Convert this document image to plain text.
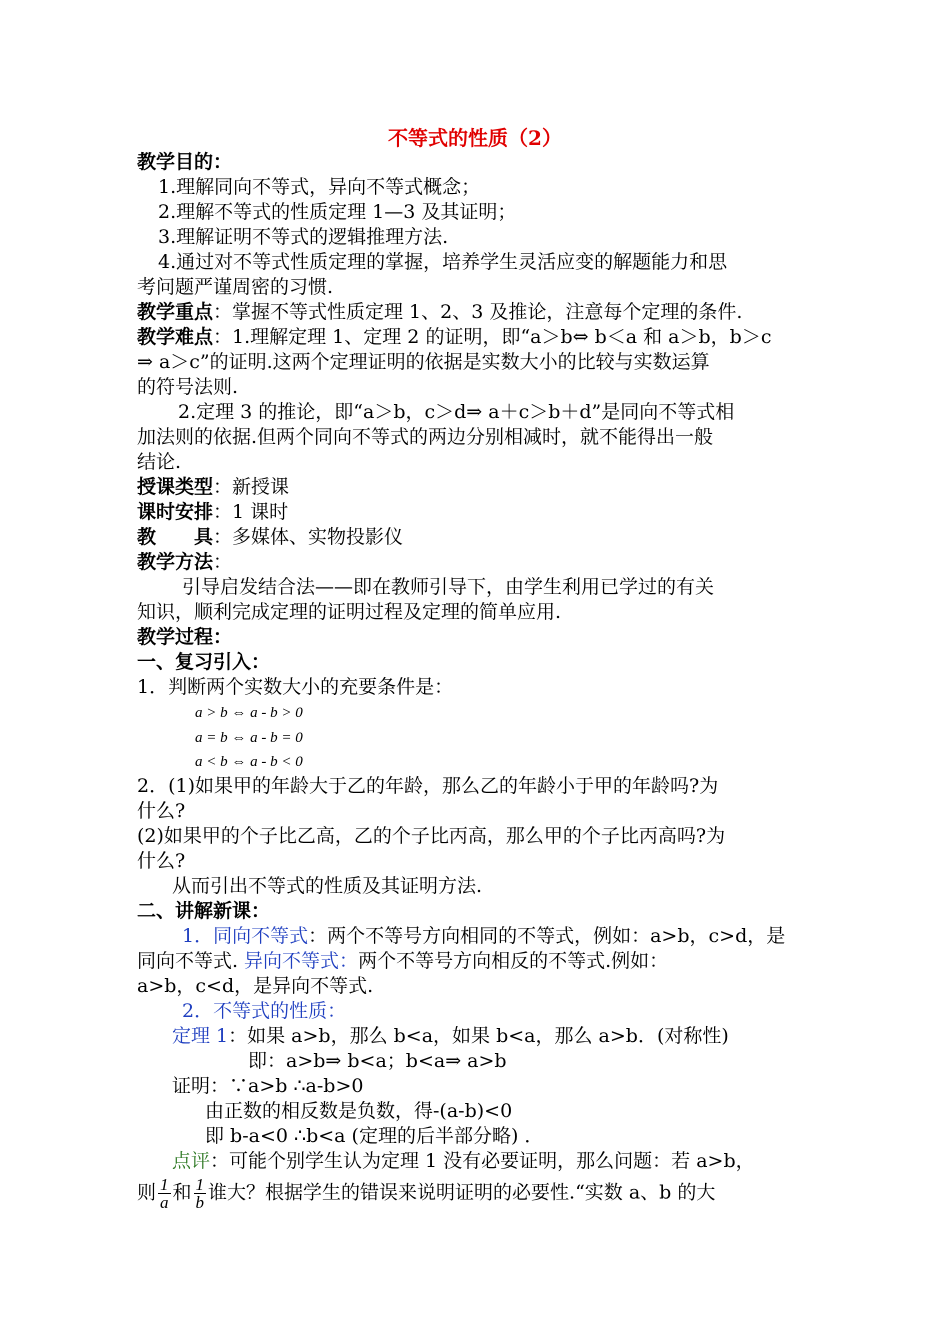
不等式的性质（2）
教学目的：
1.理解同向不等式，异向不等式概念；
2.理解不等式的性质定理 1—3 及其证明；
3.理解证明不等式的逻辑推理方法.
4.通过对不等式性质定理的掌握，培养学生灵活应变的解题能力和思
考问题严谨周密的习惯.
教学重点：掌握不等式性质定理 1、2、3 及推论，注意每个定理的条件.
教学难点：1.理解定理 1、定理 2 的证明，即“a＞b⇔ b＜a 和 a＞b，b＞c
⇒ a＞c”的证明.这两个定理证明的依据是实数大小的比较与实数运算
的符号法则.
2.定理 3 的推论，即“a＞b，c＞d⇒ a＋c＞b＋d”是同向不等式相
加法则的依据.但两个同向不等式的两边分别相减时，就不能得出一般
结论.
授课类型：新授课
课时安排：1 课时
教 具：多媒体、实物投影仪
教学方法：
引导启发结合法——即在教师引导下，由学生利用已学过的有关
知识，顺利完成定理的证明过程及定理的简单应用.
教学过程：
一、复习引入：
1．判断两个实数大小的充要条件是：
a > b ⇔ a - b > 0
a = b ⇔ a - b = 0
a < b ⇔ a - b < 0
2．(1)如果甲的年龄大于乙的年龄，那么乙的年龄小于甲的年龄吗?为
什么?
(2)如果甲的个子比乙高，乙的个子比丙高，那么甲的个子比丙高吗?为
什么?
从而引出不等式的性质及其证明方法.
二、讲解新课：
1．同向不等式：两个不等号方向相同的不等式，例如：a>b，c>d，是
同向不等式. 异向不等式：两个不等号方向相反的不等式.例如：
a>b，c<d，是异向不等式.
2．不等式的性质：
定理 1：如果 a>b，那么 b<a，如果 b<a，那么 a>b．(对称性)
即：a>b⇒ b<a；b<a⇒ a>b
证明：∵a>b ∴a-b>0
由正数的相反数是负数，得-(a-b)<0
即 b-a<0 ∴b<a (定理的后半部分略) ．
点评：可能个别学生认为定理 1 没有必要证明，那么问题：若 a>b，
则 $\frac{1}{a}$ 和 $\frac{1}{b}$ 谁大？根据学生的错误来说明证明的必要性.“实数 a、b 的大
